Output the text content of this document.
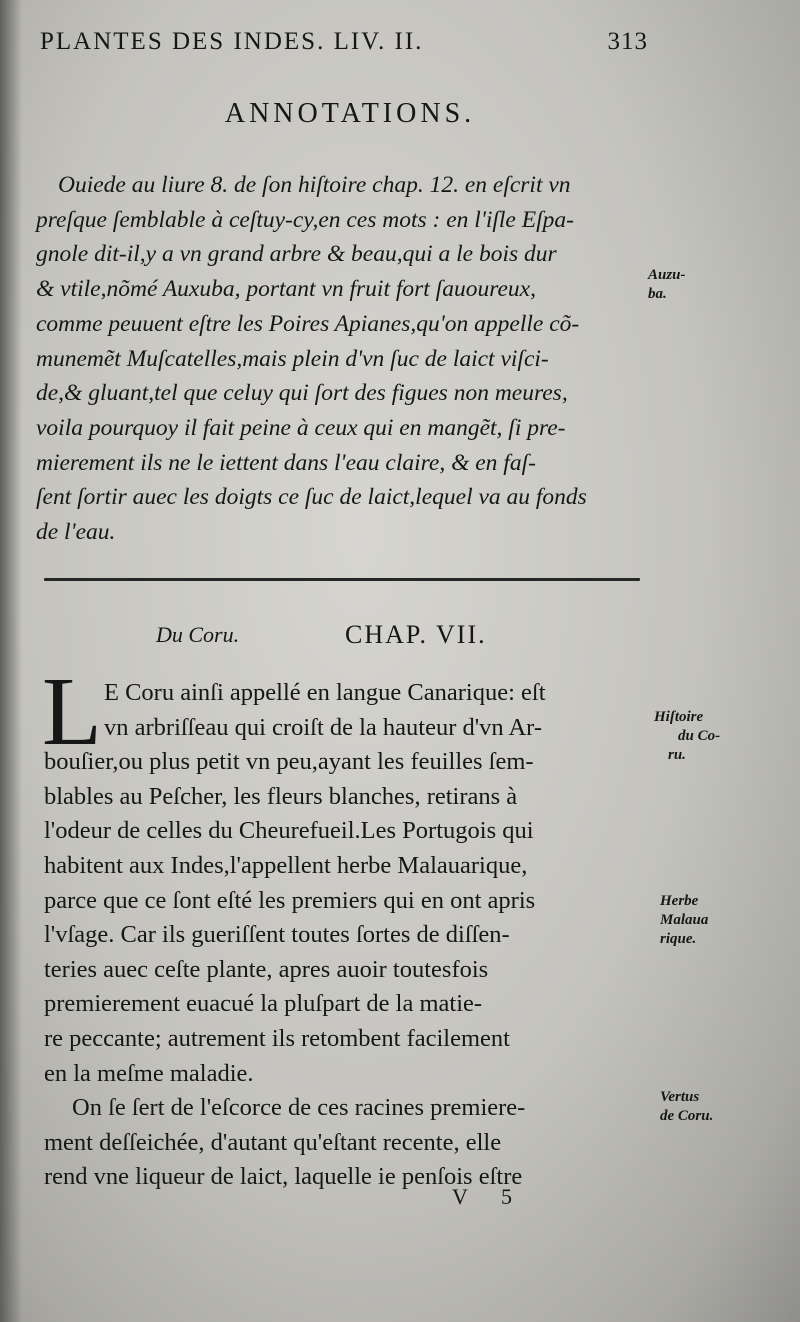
PLANTES DES INDES. LIV. II.	313
ANNOTATIONS.
Ouiede au liure 8. de ſon hiſtoire chap. 12. en eſcrit vn
preſque ſemblable à ceſtuy-cy,en ces mots : en l'iſle Eſpa-
gnole dit-il,y a vn grand arbre & beau,qui a le bois dur
& vtile,nõmé Auxuba, portant vn fruit fort ſauoureux,
comme peuuent eſtre les Poires Apianes,qu'on appelle cõ-
munemẽt Muſcatelles,mais plein d'vn ſuc de laict viſci-
de,& gluant,tel que celuy qui ſort des figues non meures,
voila pourquoy il fait peine à ceux qui en mangẽt, ſi pre-
mierement ils ne le iettent dans l'eau claire, & en faſ-
ſent ſortir auec les doigts ce ſuc de laict,lequel va au fonds
de l'eau.
Auzu-
ba.
Du Coru.	CHAP. VII.
L E Coru ainſi appellé en langue Canarique: eſt
vn arbriſſeau qui croiſt de la hauteur d'vn Ar-
bouſier,ou plus petit vn peu,ayant les feuilles ſem-
blables au Peſcher, les fleurs blanches, retirans à
l'odeur de celles du Cheurefueil.Les Portugois qui
habitent aux Indes,l'appellent herbe Malauarique,
parce que ce ſont eſté les premiers qui en ont apris
l'vſage. Car ils gueriſſent toutes ſortes de diſſen-
teries auec ceſte plante, apres auoir toutesfois
premierement euacué la pluſpart de la matie-
re peccante; autrement ils retombent facilement
en la meſme maladie.
On ſe ſert de l'eſcorce de ces racines premiere-
ment deſſeichée, d'autant qu'eſtant recente, elle
rend vne liqueur de laict, laquelle ie penſois eſtre
Hiſtoire
du Co-
ru.
Herbe
Malaua
rique.
Vertus
de Coru.
V 5
